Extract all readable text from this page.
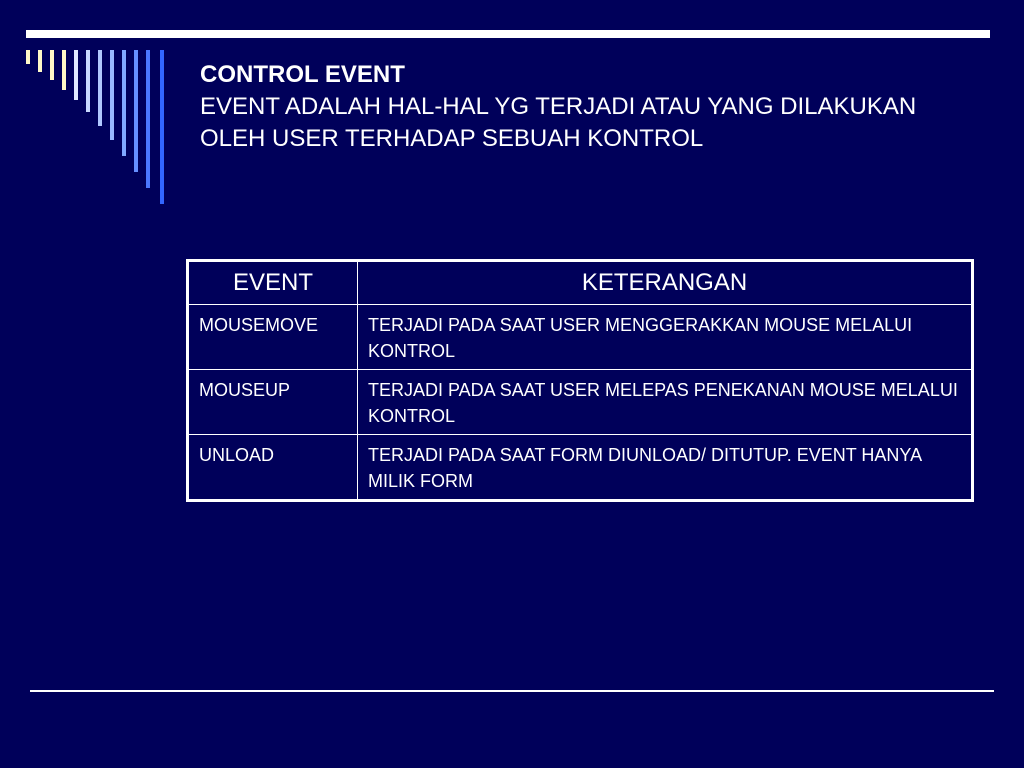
CONTROL EVENT
EVENT ADALAH HAL-HAL YG TERJADI ATAU YANG DILAKUKAN OLEH USER TERHADAP SEBUAH KONTROL
EVENT	KETERANGAN
MOUSEMOVE	TERJADI PADA SAAT USER MENGGERAKKAN MOUSE MELALUI KONTROL
MOUSEUP	TERJADI PADA SAAT USER MELEPAS PENEKANAN MOUSE MELALUI KONTROL
UNLOAD	TERJADI PADA SAAT FORM DIUNLOAD/ DITUTUP. EVENT HANYA MILIK FORM
